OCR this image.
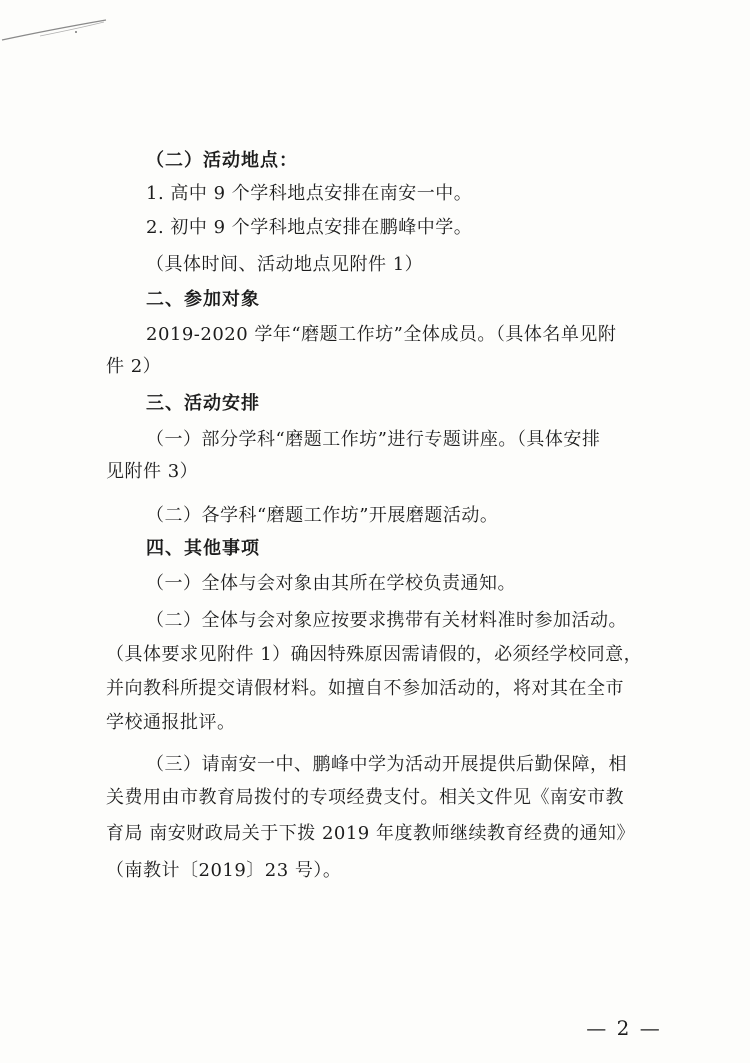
（二）活动地点：
1. 高中 9 个学科地点安排在南安一中。
2. 初中 9 个学科地点安排在鹏峰中学。
（具体时间、活动地点见附件 1）
二、参加对象
2019-2020 学年“磨题工作坊”全体成员。（具体名单见附
件 2）
三、活动安排
（一）部分学科“磨题工作坊”进行专题讲座。（具体安排
见附件 3）
（二）各学科“磨题工作坊”开展磨题活动。
四、其他事项
（一）全体与会对象由其所在学校负责通知。
（二）全体与会对象应按要求携带有关材料准时参加活动。
（具体要求见附件 1）确因特殊原因需请假的，必须经学校同意，
并向教科所提交请假材料。如擅自不参加活动的，将对其在全市
学校通报批评。
（三）请南安一中、鹏峰中学为活动开展提供后勤保障，相
关费用由市教育局拨付的专项经费支付。相关文件见《南安市教
育局 南安财政局关于下拨 2019 年度教师继续教育经费的通知》
（南教计〔2019〕23 号）。
— 2 —
